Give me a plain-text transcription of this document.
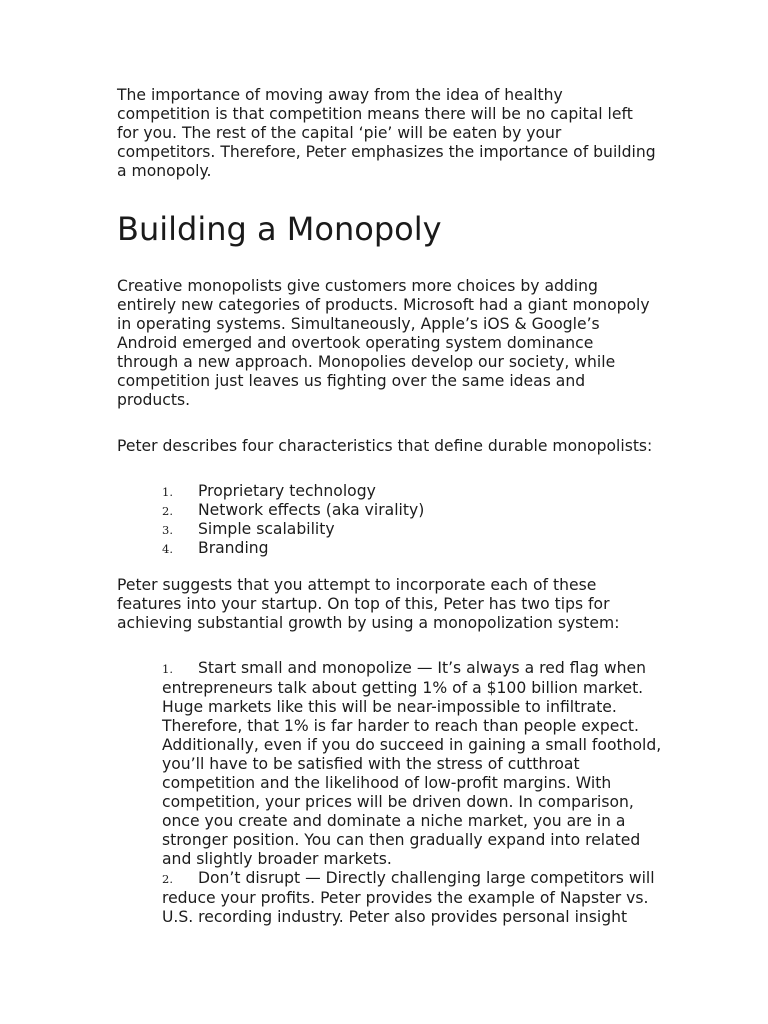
The importance of moving away from the idea of healthy competition is that competition means there will be no capital left for you. The rest of the capital ‘pie’ will be eaten by your competitors. Therefore, Peter emphasizes the importance of building a monopoly.

Building a Monopoly

Creative monopolists give customers more choices by adding entirely new categories of products. Microsoft had a giant monopoly in operating systems. Simultaneously, Apple’s iOS & Google’s Android emerged and overtook operating system dominance through a new approach. Monopolies develop our society, while competition just leaves us fighting over the same ideas and products.

Peter describes four characteristics that define durable monopolists:

1. Proprietary technology
2. Network effects (aka virality)
3. Simple scalability
4. Branding

Peter suggests that you attempt to incorporate each of these features into your startup. On top of this, Peter has two tips for achieving substantial growth by using a monopolization system:

1. Start small and monopolize — It’s always a red flag when entrepreneurs talk about getting 1% of a $100 billion market. Huge markets like this will be near-impossible to infiltrate. Therefore, that 1% is far harder to reach than people expect. Additionally, even if you do succeed in gaining a small foothold, you’ll have to be satisfied with the stress of cutthroat competition and the likelihood of low-profit margins. With competition, your prices will be driven down. In comparison, once you create and dominate a niche market, you are in a stronger position. You can then gradually expand into related and slightly broader markets.
2. Don’t disrupt — Directly challenging large competitors will reduce your profits. Peter provides the example of Napster vs. U.S. recording industry. Peter also provides personal insight
